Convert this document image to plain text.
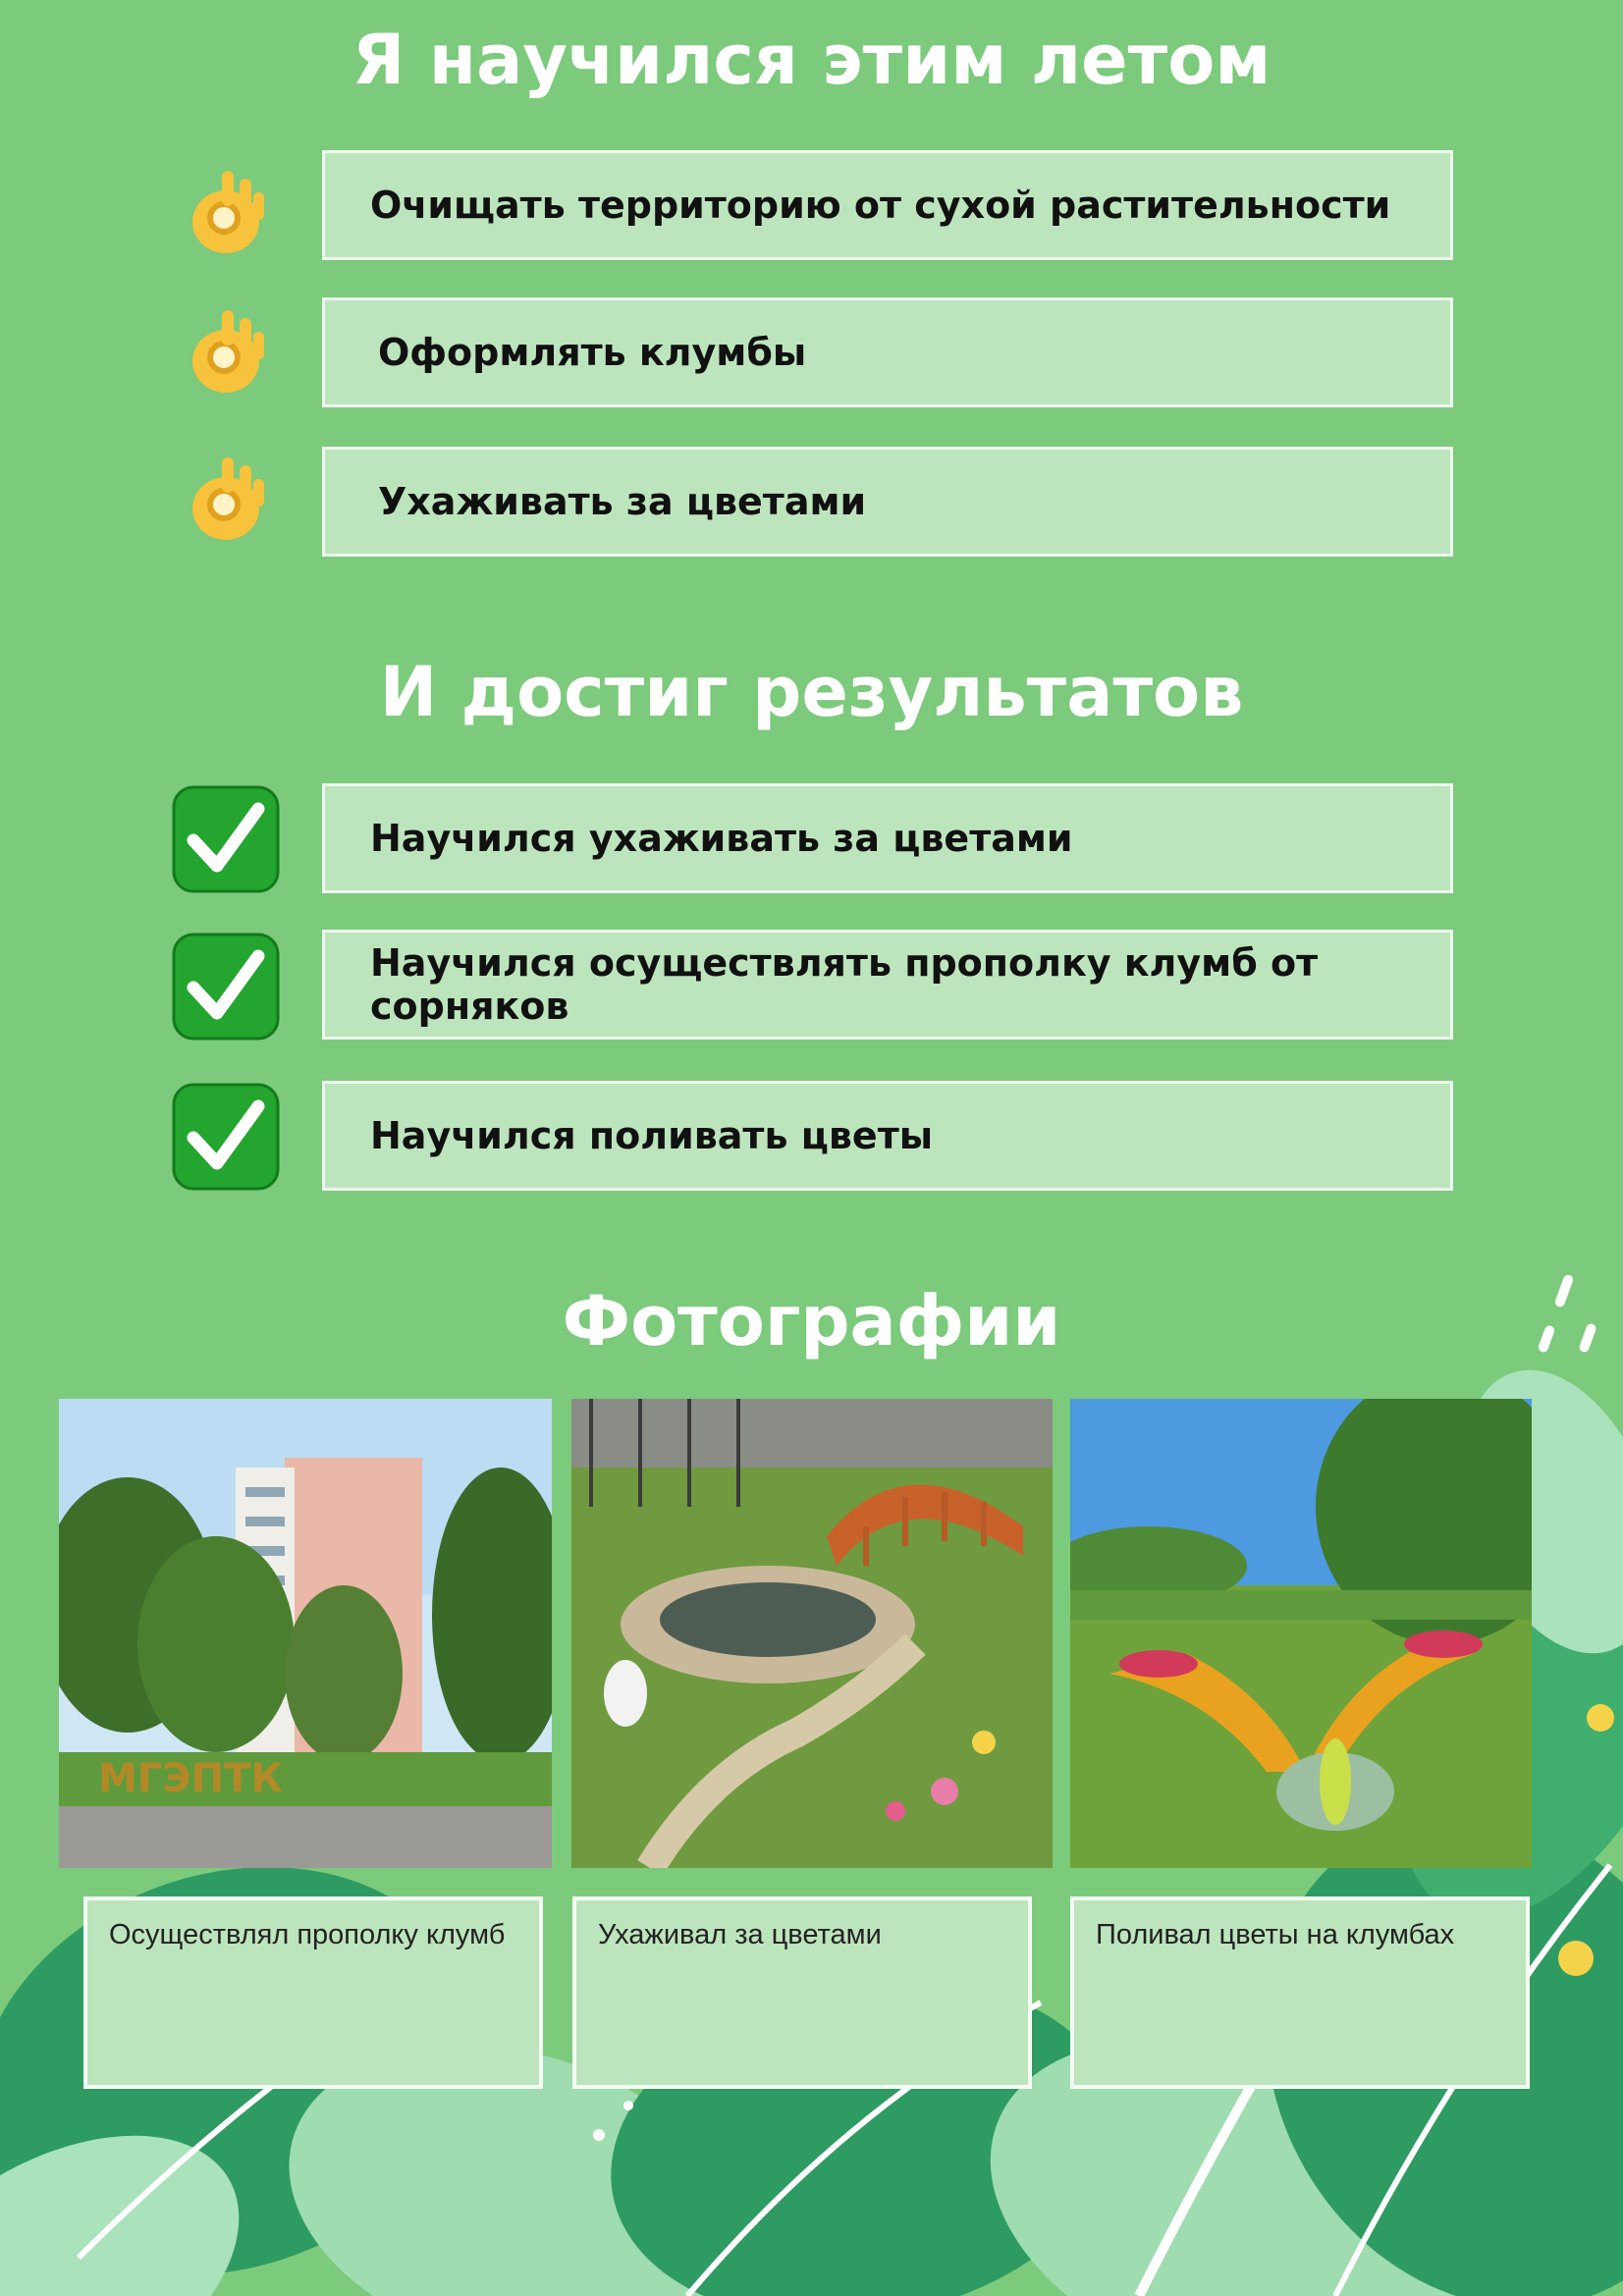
Я научился этим летом
Очищать территорию от сухой растительности
Оформлять клумбы
Ухаживать за цветами
И достиг результатов
Научился ухаживать за цветами
Научился осуществлять прополку клумб от сорняков
Научился поливать цветы
Фотографии
MГЭПТК
Осуществлял прополку клумб	Ухаживал за цветами	Поливал цветы на клумбах
